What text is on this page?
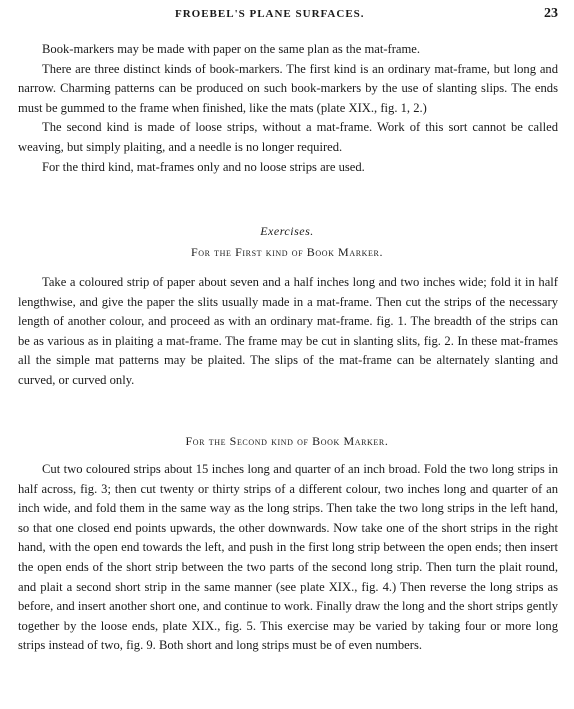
FROEBEL'S PLANE SURFACES.	23

Book-markers may be made with paper on the same plan as the mat-frame.

There are three distinct kinds of book-markers. The first kind is an ordinary mat-frame, but long and narrow. Charming patterns can be produced on such book-markers by the use of slanting slips. The ends must be gummed to the frame when finished, like the mats (plate XIX., fig. 1, 2.)

The second kind is made of loose strips, without a mat-frame. Work of this sort cannot be called weaving, but simply plaiting, and a needle is no longer required.

For the third kind, mat-frames only and no loose strips are used.

Exercises.
For the First kind of Book Marker.

Take a coloured strip of paper about seven and a half inches long and two inches wide; fold it in half lengthwise, and give the paper the slits usually made in a mat-frame. Then cut the strips of the necessary length of another colour, and proceed as with an ordinary mat-frame. fig. 1. The breadth of the strips can be as various as in plaiting a mat-frame. The frame may be cut in slanting slits, fig. 2. In these mat-frames all the simple mat patterns may be plaited. The slips of the mat-frame can be alternately slanting and curved, or curved only.

For the Second kind of Book Marker.

Cut two coloured strips about 15 inches long and quarter of an inch broad. Fold the two long strips in half across, fig. 3; then cut twenty or thirty strips of a different colour, two inches long and quarter of an inch wide, and fold them in the same way as the long strips. Then take the two long strips in the left hand, so that one closed end points upwards, the other downwards. Now take one of the short strips in the right hand, with the open end towards the left, and push in the first long strip between the open ends; then insert the open ends of the short strip between the two parts of the second long strip. Then turn the plait round, and plait a second short strip in the same manner (see plate XIX., fig. 4.) Then reverse the long strips as before, and insert another short one, and continue to work. Finally draw the long and the short strips gently together by the loose ends, plate XIX., fig. 5. This exercise may be varied by taking four or more long strips instead of two, fig. 9. Both short and long strips must be of even numbers.
